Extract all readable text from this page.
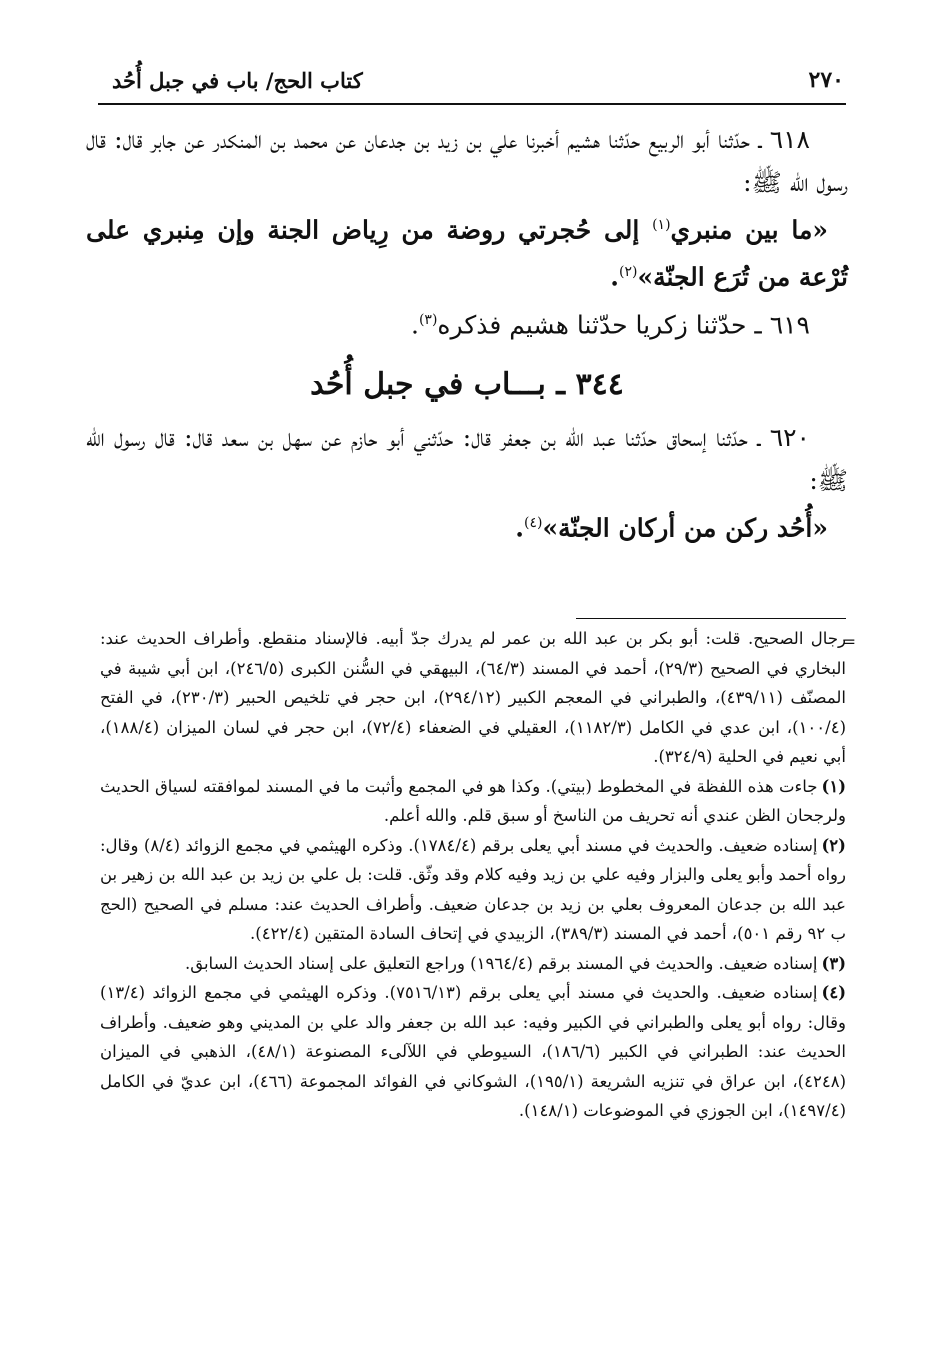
٢٧٠
كتاب الحج/ باب في جبل أُحُد

٦١٨ ـ حدّثنا أبو الربيع حدّثنا هشيم أخبرنا علي بن زيد بن جدعان عن محمد بن المنكدر عن جابر قال: قال رسول الله ﷺ:

«ما بين منبري$^{(١)}$ إلى حُجرتي روضة من رِياض الجنة وإن مِنبري على تُرْعة من تُرَع الجنّة»$^{(٢)}$.

٦١٩ ـ حدّثنا زكريا حدّثنا هشيم فذكره$^{(٣)}$.

٣٤٤ ـ بـــاب في جبل أُحُد

٦٢٠ ـ حدّثنا إسحاق حدّثنا عبد الله بن جعفر قال: حدّثني أبو حازم عن سهل بن سعد قال: قال رسول الله ﷺ:

«أُحُد ركن من أركان الجنّة»$^{(٤)}$.

=

رجال الصحيح. قلت: أبو بكر بن عبد الله بن عمر لم يدرك جدّ أبيه. فالإسناد منقطع. وأطراف الحديث عند: البخاري في الصحيح (٢٩/٣)، أحمد في المسند (٦٤/٣)، البيهقي في السُّنن الكبرى (٢٤٦/٥)، ابن أبي شيبة في المصنّف (٤٣٩/١١)، والطبراني في المعجم الكبير (٢٩٤/١٢)، ابن حجر في تلخيص الحبير (٢٣٠/٣)، في الفتح (١٠٠/٤)، ابن عدي في الكامل (١١٨٢/٣)، العقيلي في الضعفاء (٧٢/٤)، ابن حجر في لسان الميزان (١٨٨/٤)، أبي نعيم في الحلية (٣٢٤/٩).

(١)جاءت هذه اللفظة في المخطوط (بيتي). وكذا هو في المجمع وأثبت ما في المسند لموافقته لسياق الحديث ولرجحان الظن عندي أنه تحريف من الناسخ أو سبق قلم. والله أعلم.

(٢)إسناده ضعيف. والحديث في مسند أبي يعلى برقم (١٧٨٤/٤). وذكره الهيثمي في مجمع الزوائد (٨/٤) وقال: رواه أحمد وأبو يعلى والبزار وفيه علي بن زيد وفيه كلام وقد وثّق. قلت: بل علي بن زيد بن عبد الله بن زهير بن عبد الله بن جدعان المعروف بعلي بن زيد بن جدعان ضعيف. وأطراف الحديث عند: مسلم في الصحيح (الحج ب ٩٢ رقم ٥٠١)، أحمد في المسند (٣٨٩/٣)، الزبيدي في إتحاف السادة المتقين (٤٢٢/٤).

(٣)إسناده ضعيف. والحديث في المسند برقم (١٩٦٤/٤) وراجع التعليق على إسناد الحديث السابق.

(٤)إسناده ضعيف. والحديث في مسند أبي يعلى برقم (٧٥١٦/١٣). وذكره الهيثمي في مجمع الزوائد (١٣/٤) وقال: رواه أبو يعلى والطبراني في الكبير وفيه: عبد الله بن جعفر والد علي بن المديني وهو ضعيف. وأطراف الحديث عند: الطبراني في الكبير (١٨٦/٦)، السيوطي في اللآلىء المصنوعة (٤٨/١)، الذهبي في الميزان (٤٢٤٨)، ابن عراق في تنزيه الشريعة (١٩٥/١)، الشوكاني في الفوائد المجموعة (٤٦٦)، ابن عديّ في الكامل (١٤٩٧/٤)، ابن الجوزي في الموضوعات (١٤٨/١).
